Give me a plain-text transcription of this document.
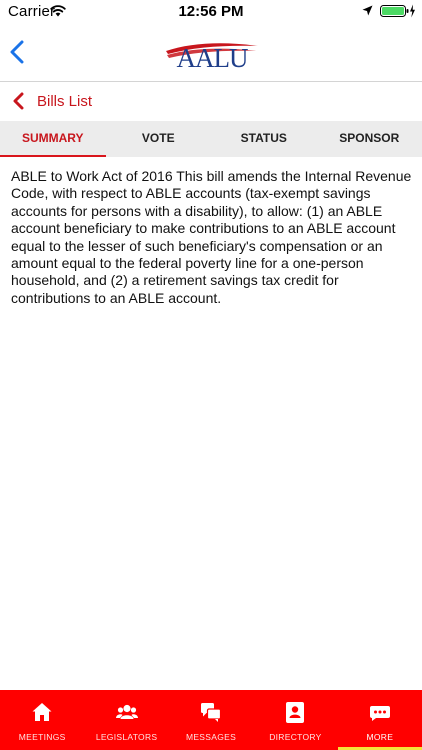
Carrier	12:56 PM
AALU
Bills List
SUMMARY	VOTE	STATUS	SPONSOR

ABLE to Work Act of 2016 This bill amends the Internal Revenue Code, with respect to ABLE accounts (tax-exempt savings accounts for persons with a disability), to allow: (1) an ABLE account beneficiary to make contributions to an ABLE account equal to the lesser of such beneficiary's compensation or an amount equal to the federal poverty line for a one-person household, and (2) a retirement savings tax credit for contributions to an ABLE account.

MEETINGS	LEGISLATORS	MESSAGES	DIRECTORY	MORE
